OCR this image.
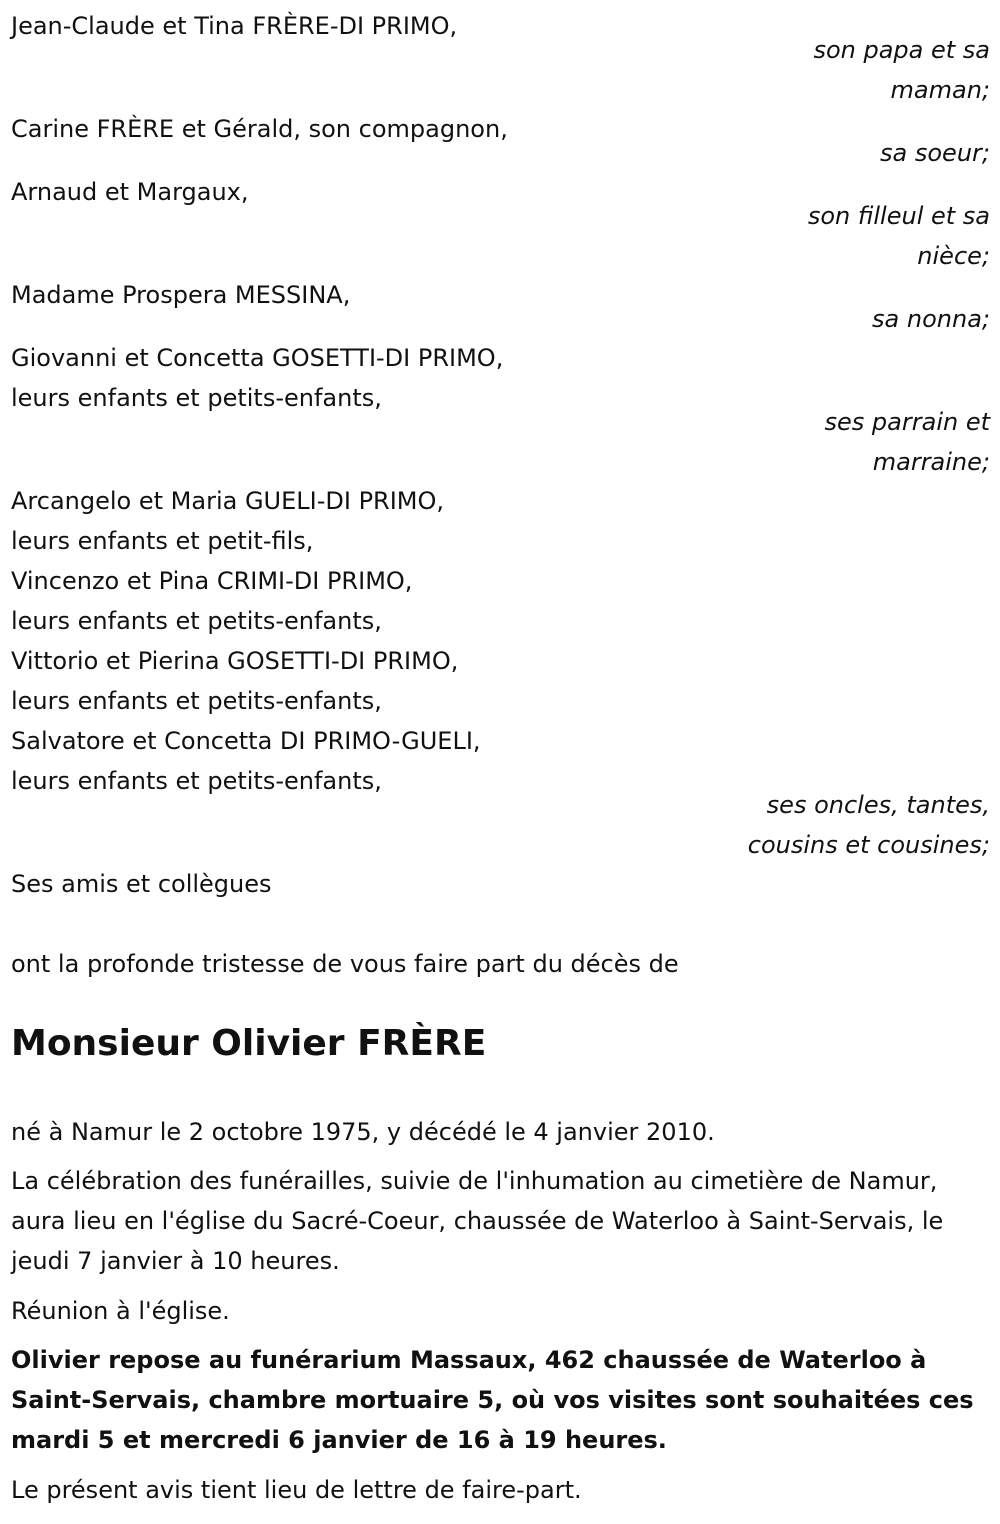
Jean-Claude et Tina FRÈRE-DI PRIMO,
son papa et sa
maman;
Carine FRÈRE et Gérald, son compagnon,
sa soeur;
Arnaud et Margaux,
son filleul et sa
nièce;
Madame Prospera MESSINA,
sa nonna;
Giovanni et Concetta GOSETTI-DI PRIMO,
leurs enfants et petits-enfants,
ses parrain et
marraine;
Arcangelo et Maria GUELI-DI PRIMO,
leurs enfants et petit-fils,
Vincenzo et Pina CRIMI-DI PRIMO,
leurs enfants et petits-enfants,
Vittorio et Pierina GOSETTI-DI PRIMO,
leurs enfants et petits-enfants,
Salvatore et Concetta DI PRIMO-GUELI,
leurs enfants et petits-enfants,
ses oncles, tantes,
cousins et cousines;
Ses amis et collègues
ont la profonde tristesse de vous faire part du décès de
Monsieur Olivier FRÈRE
né à Namur le 2 octobre 1975, y décédé le 4 janvier 2010.
La célébration des funérailles, suivie de l'inhumation au cimetière de Namur, aura lieu en l'église du Sacré-Coeur, chaussée de Waterloo à Saint-Servais, le jeudi 7 janvier à 10 heures.
Réunion à l'église.
Olivier repose au funérarium Massaux, 462 chaussée de Waterloo à Saint-Servais, chambre mortuaire 5, où vos visites sont souhaitées ces mardi 5 et mercredi 6 janvier de 16 à 19 heures.
Le présent avis tient lieu de lettre de faire-part.
